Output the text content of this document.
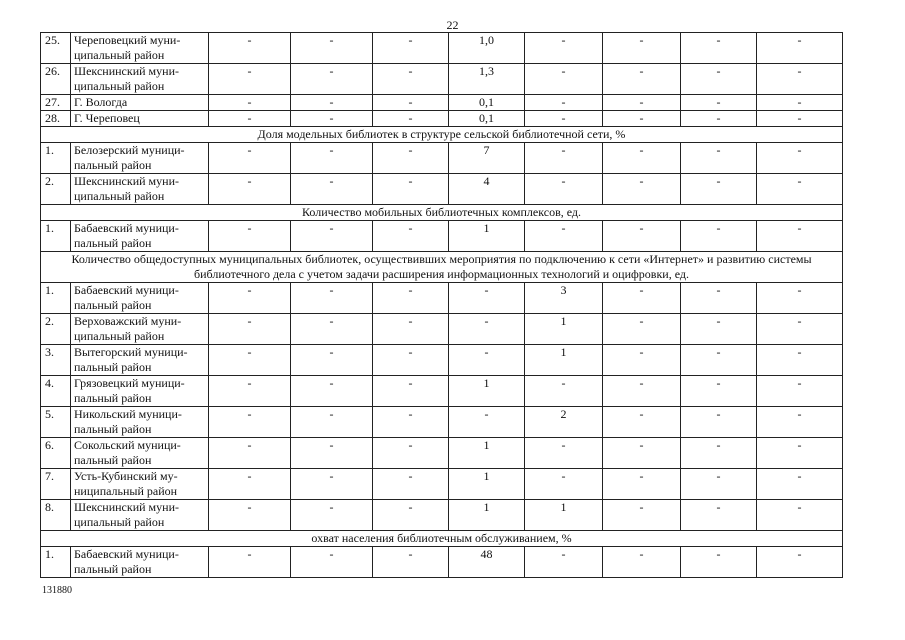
22
25.	Череповецкий муни-ципальный район	-	-	-	1,0	-	-	-	-
26.	Шекснинский муни-ципальный район	-	-	-	1,3	-	-	-	-
27.	Г. Вологда	-	-	-	0,1	-	-	-	-
28.	Г. Череповец	-	-	-	0,1	-	-	-	-
Доля модельных библиотек в структуре сельской библиотечной сети, %									
1.	Белозерский муници-пальный район	-	-	-	7	-	-	-	-
2.	Шекснинский муни-ципальный район	-	-	-	4	-	-	-	-
Количество мобильных библиотечных комплексов, ед.									
1.	Бабаевский муници-пальный район	-	-	-	1	-	-	-	-
Количество общедоступных муниципальных библиотек, осуществивших мероприятия по подключению к сети «Интернет» и развитию системы библиотечного дела с учетом задачи расширения информационных технологий и оцифровки, ед.									
1.	Бабаевский муници-пальный район	-	-	-	-	3	-	-	-
2.	Верховажский муни-ципальный район	-	-	-	-	1	-	-	-
3.	Вытегорский муници-пальный район	-	-	-	-	1	-	-	-
4.	Грязовецкий муници-пальный район	-	-	-	1	-	-	-	-
5.	Никольский муници-пальный район	-	-	-	-	2	-	-	-
6.	Сокольский муници-пальный район	-	-	-	1	-	-	-	-
7.	Усть-Кубинский му-ниципальный район	-	-	-	1	-	-	-	-
8.	Шекснинский муни-ципальный район	-	-	-	1	1	-	-	-
охват населения библиотечным обслуживанием, %									
1.	Бабаевский муници-пальный район	-	-	-	48	-	-	-	-
131880
